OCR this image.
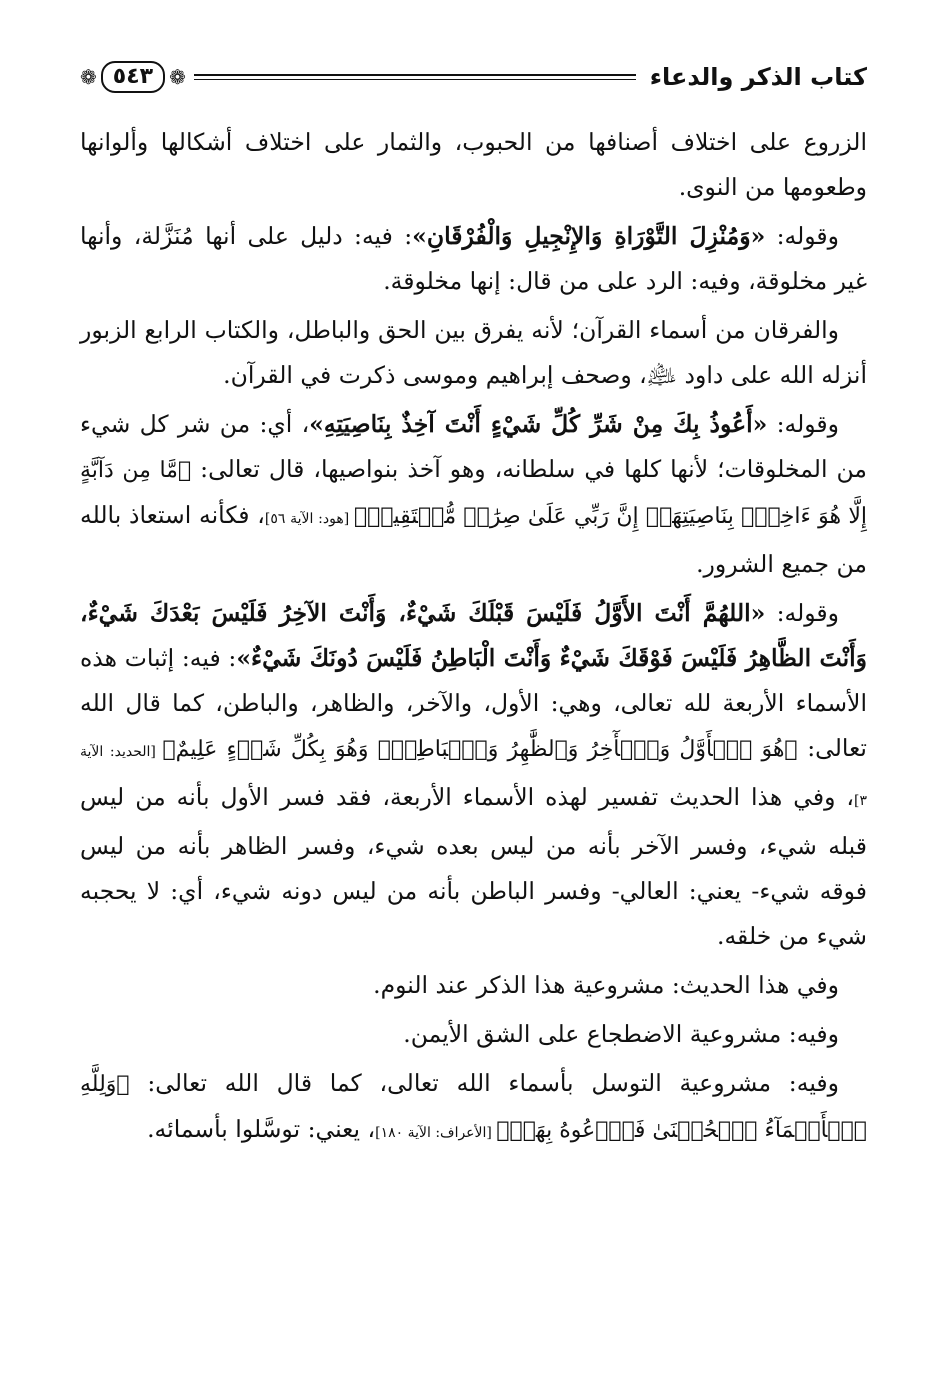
كتاب الذكر والدعاء
❁
٥٤٣
❁

الزروع على اختلاف أصنافها من الحبوب، والثمار على اختلاف أشكالها وألوانها وطعومها من النوى.

وقوله: «وَمُنْزِلَ التَّوْرَاةِ وَالإِنْجِيلِ وَالْفُرْقَانِ»: فيه: دليل على أنها مُنَزَّلة، وأنها غير مخلوقة، وفيه: الرد على من قال: إنها مخلوقة.

والفرقان من أسماء القرآن؛ لأنه يفرق بين الحق والباطل، والكتاب الرابع الزبور أنزله الله على داود ﵇، وصحف إبراهيم وموسى ذكرت في القرآن.

وقوله: «أَعُوذُ بِكَ مِنْ شَرِّ كُلِّ شَيْءٍ أَنْتَ آخِذٌ بِنَاصِيَتِهِ»، أي: من شر كل شيء من المخلوقات؛ لأنها كلها في سلطانه، وهو آخذ بنواصيها، قال تعالى: ﴿مَّا مِن دَآبَّةٍ إِلَّا هُوَ ءَاخِذُۢ بِنَاصِيَتِهَآۚ إِنَّ رَبِّي عَلَىٰ صِرَٰطٖ مُّسۡتَقِيمٖ﴾ [هود: الآية ٥٦]، فكأنه استعاذ بالله من جميع الشرور.

وقوله: «اللهُمَّ أَنْتَ الأَوَّلُ فَلَيْسَ قَبْلَكَ شَيْءٌ، وَأَنْتَ الآخِرُ فَلَيْسَ بَعْدَكَ شَيْءٌ، وَأَنْتَ الظَّاهِرُ فَلَيْسَ فَوْقَكَ شَيْءٌ وَأَنْتَ الْبَاطِنُ فَلَيْسَ دُونَكَ شَيْءٌ»: فيه: إثبات هذه الأسماء الأربعة لله تعالى، وهي: الأول، والآخر، والظاهر، والباطن، كما قال الله تعالى: ﴿هُوَ ٱلۡأَوَّلُ وَٱلۡأٓخِرُ وَٱلظَّٰهِرُ وَٱلۡبَاطِنُۖ وَهُوَ بِكُلِّ شَيۡءٍ عَلِيمٌ﴾ [الحديد: الآية ٣]، وفي هذا الحديث تفسير لهذه الأسماء الأربعة، فقد فسر الأول بأنه من ليس قبله شيء، وفسر الآخر بأنه من ليس بعده شيء، وفسر الظاهر بأنه من ليس فوقه شيء- يعني: العالي- وفسر الباطن بأنه من ليس دونه شيء، أي: لا يحجبه شيء من خلقه.

وفي هذا الحديث: مشروعية هذا الذكر عند النوم.

وفيه: مشروعية الاضطجاع على الشق الأيمن.

وفيه: مشروعية التوسل بأسماء الله تعالى، كما قال الله تعالى: ﴿وَلِلَّهِ ٱلۡأَسۡمَآءُ ٱلۡحُسۡنَىٰ فَٱدۡعُوهُ بِهَاۖ﴾ [الأعراف: الآية ١٨٠]، يعني: توسَّلوا بأسمائه.
